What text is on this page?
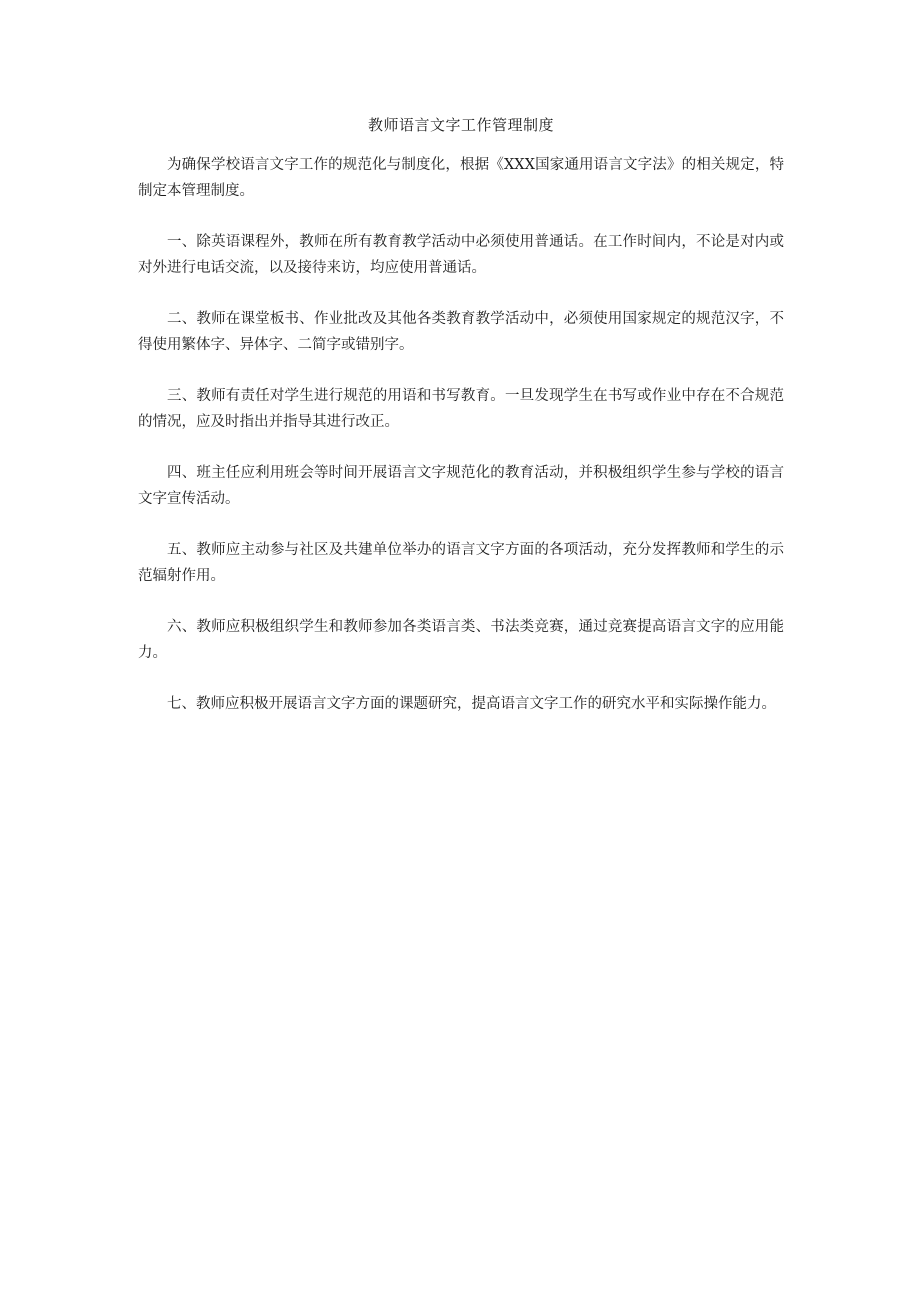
教师语言文字工作管理制度

为确保学校语言文字工作的规范化与制度化，根据《XXX国家通用语言文字法》的相关规定，特制定本管理制度。

一、除英语课程外，教师在所有教育教学活动中必须使用普通话。在工作时间内，不论是对内或对外进行电话交流，以及接待来访，均应使用普通话。

二、教师在课堂板书、作业批改及其他各类教育教学活动中，必须使用国家规定的规范汉字，不得使用繁体字、异体字、二简字或错别字。

三、教师有责任对学生进行规范的用语和书写教育。一旦发现学生在书写或作业中存在不合规范的情况，应及时指出并指导其进行改正。

四、班主任应利用班会等时间开展语言文字规范化的教育活动，并积极组织学生参与学校的语言文字宣传活动。

五、教师应主动参与社区及共建单位举办的语言文字方面的各项活动，充分发挥教师和学生的示范辐射作用。

六、教师应积极组织学生和教师参加各类语言类、书法类竞赛，通过竞赛提高语言文字的应用能力。

七、教师应积极开展语言文字方面的课题研究，提高语言文字工作的研究水平和实际操作能力。
